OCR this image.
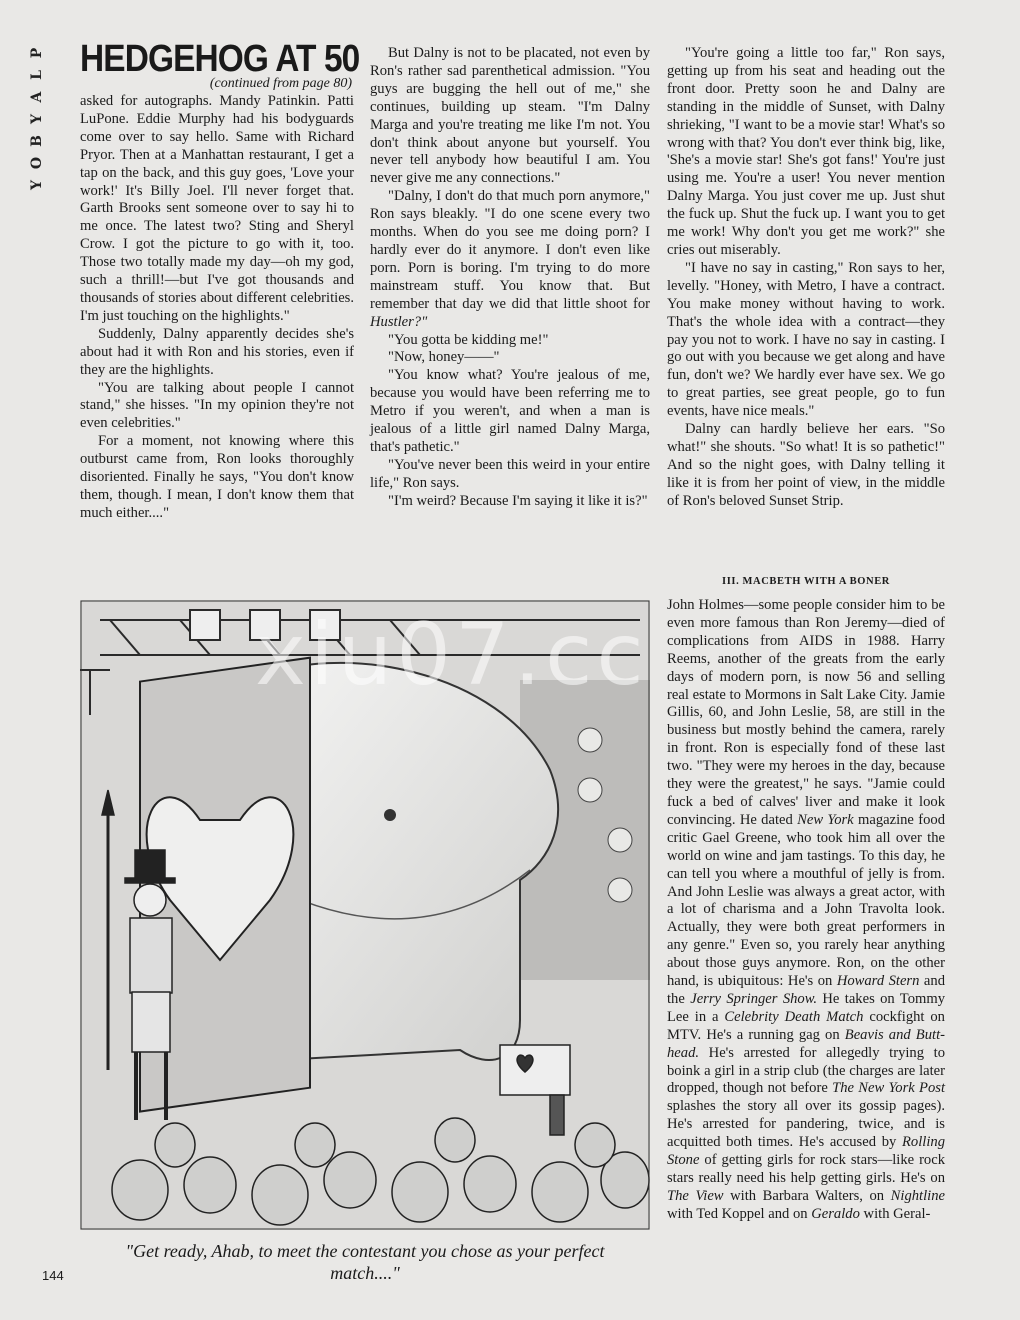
P
L
A
Y
B
O
Y
HEDGEHOG AT 50
(continued from page 80)

asked for autographs. Mandy Patinkin. Patti LuPone. Eddie Murphy had his bodyguards come over to say hello. Same with Richard Pryor. Then at a Manhattan restaurant, I get a tap on the back, and this guy goes, 'Love your work!' It's Billy Joel. I'll never forget that. Garth Brooks sent someone over to say hi to me once. The latest two? Sting and Sheryl Crow. I got the picture to go with it, too. Those two totally made my day—oh my god, such a thrill!—but I've got thousands and thousands of stories about different celebrities. I'm just touching on the highlights."

Suddenly, Dalny apparently decides she's about had it with Ron and his stories, even if they are the highlights.

"You are talking about people I cannot stand," she hisses. "In my opinion they're not even celebrities."

For a moment, not knowing where this outburst came from, Ron looks thoroughly disoriented. Finally he says, "You don't know them, though. I mean, I don't know them that much either...."

But Dalny is not to be placated, not even by Ron's rather sad parenthetical admission. "You guys are bugging the hell out of me," she continues, building up steam. "I'm Dalny Marga and you're treating me like I'm not. You don't think about anyone but yourself. You never tell anybody how beautiful I am. You never give me any connections."

"Dalny, I don't do that much porn anymore," Ron says bleakly. "I do one scene every two months. When do you see me doing porn? I hardly ever do it anymore. I don't even like porn. Porn is boring. I'm trying to do more mainstream stuff. You know that. But remember that day we did that little shoot for Hustler?"

"You gotta be kidding me!"

"Now, honey——"

"You know what? You're jealous of me, because you would have been referring me to Metro if you weren't, and when a man is jealous of a little girl named Dalny Marga, that's pathetic."

"You've never been this weird in your entire life," Ron says.

"I'm weird? Because I'm saying it like it is?"

"You're going a little too far," Ron says, getting up from his seat and heading out the front door. Pretty soon he and Dalny are standing in the middle of Sunset, with Dalny shrieking, "I want to be a movie star! What's so wrong with that? You don't ever think big, like, 'She's a movie star! She's got fans!' You're just using me. You're a user! You never mention Dalny Marga. You just cover me up. Just shut the fuck up. Shut the fuck up. I want you to get me work! Why don't you get me work?" she cries out miserably.

"I have no say in casting," Ron says to her, levelly. "Honey, with Metro, I have a contract. You make money without having to work. That's the whole idea with a contract—they pay you not to work. I have no say in casting. I go out with you because we get along and have fun, don't we? We hardly ever have sex. We go to great parties, see great people, go to fun events, have nice meals."

Dalny can hardly believe her ears. "So what!" she shouts. "So what! It is so pathetic!" And so the night goes, with Dalny telling it like it is from her point of view, in the middle of Ron's beloved Sunset Strip.

III. MACBETH WITH A BONER

John Holmes—some people consider him to be even more famous than Ron Jeremy—died of complications from AIDS in 1988. Harry Reems, another of the greats from the early days of modern porn, is now 56 and selling real estate to Mormons in Salt Lake City. Jamie Gillis, 60, and John Leslie, 58, are still in the business but mostly behind the camera, rarely in front. Ron is especially fond of these last two. "They were my heroes in the day, because they were the greatest," he says. "Jamie could fuck a bed of calves' liver and make it look convincing. He dated New York magazine food critic Gael Greene, who took him all over the world on wine and jam tastings. To this day, he can tell you where a mouthful of jelly is from. And John Leslie was always a great actor, with a lot of charisma and a John Travolta look. Actually, they were both great performers in any genre." Even so, you rarely hear anything about those guys anymore. Ron, on the other hand, is ubiquitous: He's on Howard Stern and the Jerry Springer Show. He takes on Tommy Lee in a Celebrity Death Match cockfight on MTV. He's a running gag on Beavis and Butt-head. He's arrested for allegedly trying to boink a girl in a strip club (the charges are later dropped, though not before The New York Post splashes the story all over its gossip pages). He's arrested for pandering, twice, and is acquitted both times. He's accused by Rolling Stone of getting girls for rock stars—like rock stars really need his help getting girls. He's on The View with Barbara Walters, on Nightline with Ted Koppel and on Geraldo with Geral-

xiu07.cc
"Get ready, Ahab, to meet the contestant you chose as your perfect match...."
144
